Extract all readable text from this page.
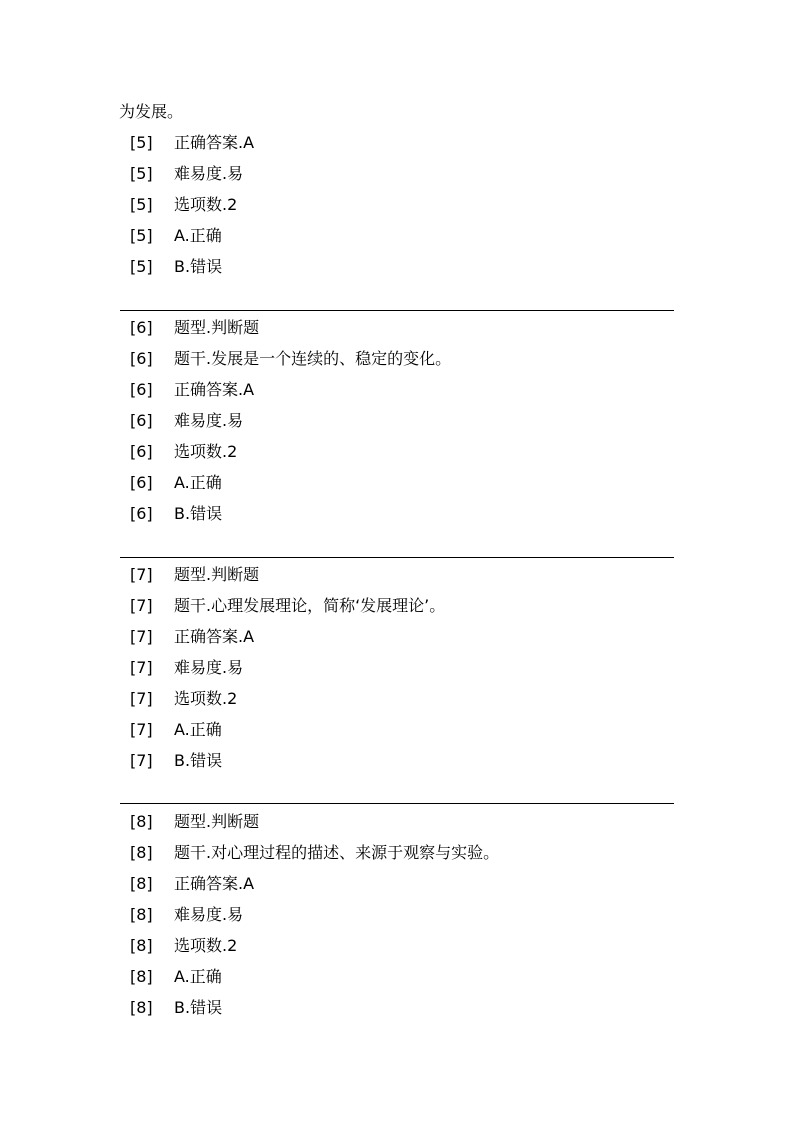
为发展。
[5] 正确答案.A
[5] 难易度.易
[5] 选项数.2
[5] A.正确
[5] B.错误
[6] 题型.判断题
[6] 题干.发展是一个连续的、稳定的变化。
[6] 正确答案.A
[6] 难易度.易
[6] 选项数.2
[6] A.正确
[6] B.错误
[7] 题型.判断题
[7] 题干.心理发展理论，简称‘发展理论’。
[7] 正确答案.A
[7] 难易度.易
[7] 选项数.2
[7] A.正确
[7] B.错误
[8] 题型.判断题
[8] 题干.对心理过程的描述、来源于观察与实验。
[8] 正确答案.A
[8] 难易度.易
[8] 选项数.2
[8] A.正确
[8] B.错误
